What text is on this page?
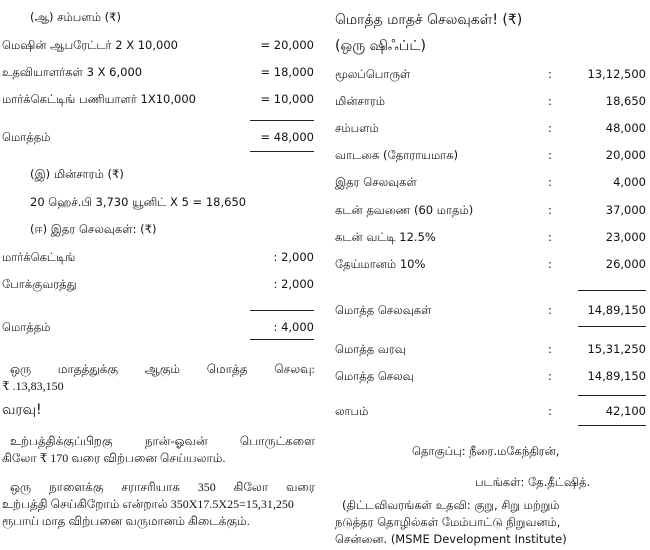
(ஆ) சம்பளம் (₹)
மெஷின் ஆபரேட்டர் 2 X 10,000	= 20,000
உதவியாளர்கள் 3 X 6,000	= 18,000
மார்க்கெட்டிங் பணியாளர் 1X10,000	= 10,000
மொத்தம்	= 48,000
(இ) மின்சாரம் (₹)
20 ஹெச்.பி 3,730 யூனிட் X 5 = 18,650
(ஈ) இதர செலவுகள்: (₹)
மார்க்கெட்டிங்	: 2,000
போக்குவரத்து	: 2,000
மொத்தம்	: 4,000
ஒரு மாதத்துக்கு ஆகும் மொத்த செலவு:
₹ .13,83,150
வரவு!
உற்பத்திக்குப்பிறகு நான்-ஓவன் பொருட்களை
கிலோ ₹ 170 வரை விற்பனை செய்யலாம்.
ஒரு நாளைக்கு சராசரியாக 350 கிலோ வரை
உற்பத்தி செய்கிறோம் என்றால் 350X17.5X25=15,31,250
ரூபாய் மாத விற்பனை வருமானம் கிடைக்கும்.
மொத்த மாதச் செலவுகள்! (₹)
(ஒரு ஷிஃப்ட்)
மூலப்பொருள்	:	13,12,500
மின்சாரம்	:	18,650
சம்பளம்	:	48,000
வாடகை (தோராயமாக)	:	20,000
இதர செலவுகள்	:	4,000
கடன் தவணை (60 மாதம்)	:	37,000
கடன் வட்டி 12.5%	:	23,000
தேய்மானம் 10%	:	26,000
மொத்த செலவுகள்	:	14,89,150
மொத்த வரவு	:	15,31,250
மொத்த செலவு	:	14,89,150
லாபம்	:	42,100
தொகுப்பு: நீரை.மகேந்திரன்,
படங்கள்: தே.தீட்ஷித்.
(திட்டவிவரங்கள் உதவி: குறு, சிறு மற்றும்
நடுத்தர தொழில்கள் மேம்பாட்டு நிறுவனம்,
சென்னை. (MSME Development Institute)
